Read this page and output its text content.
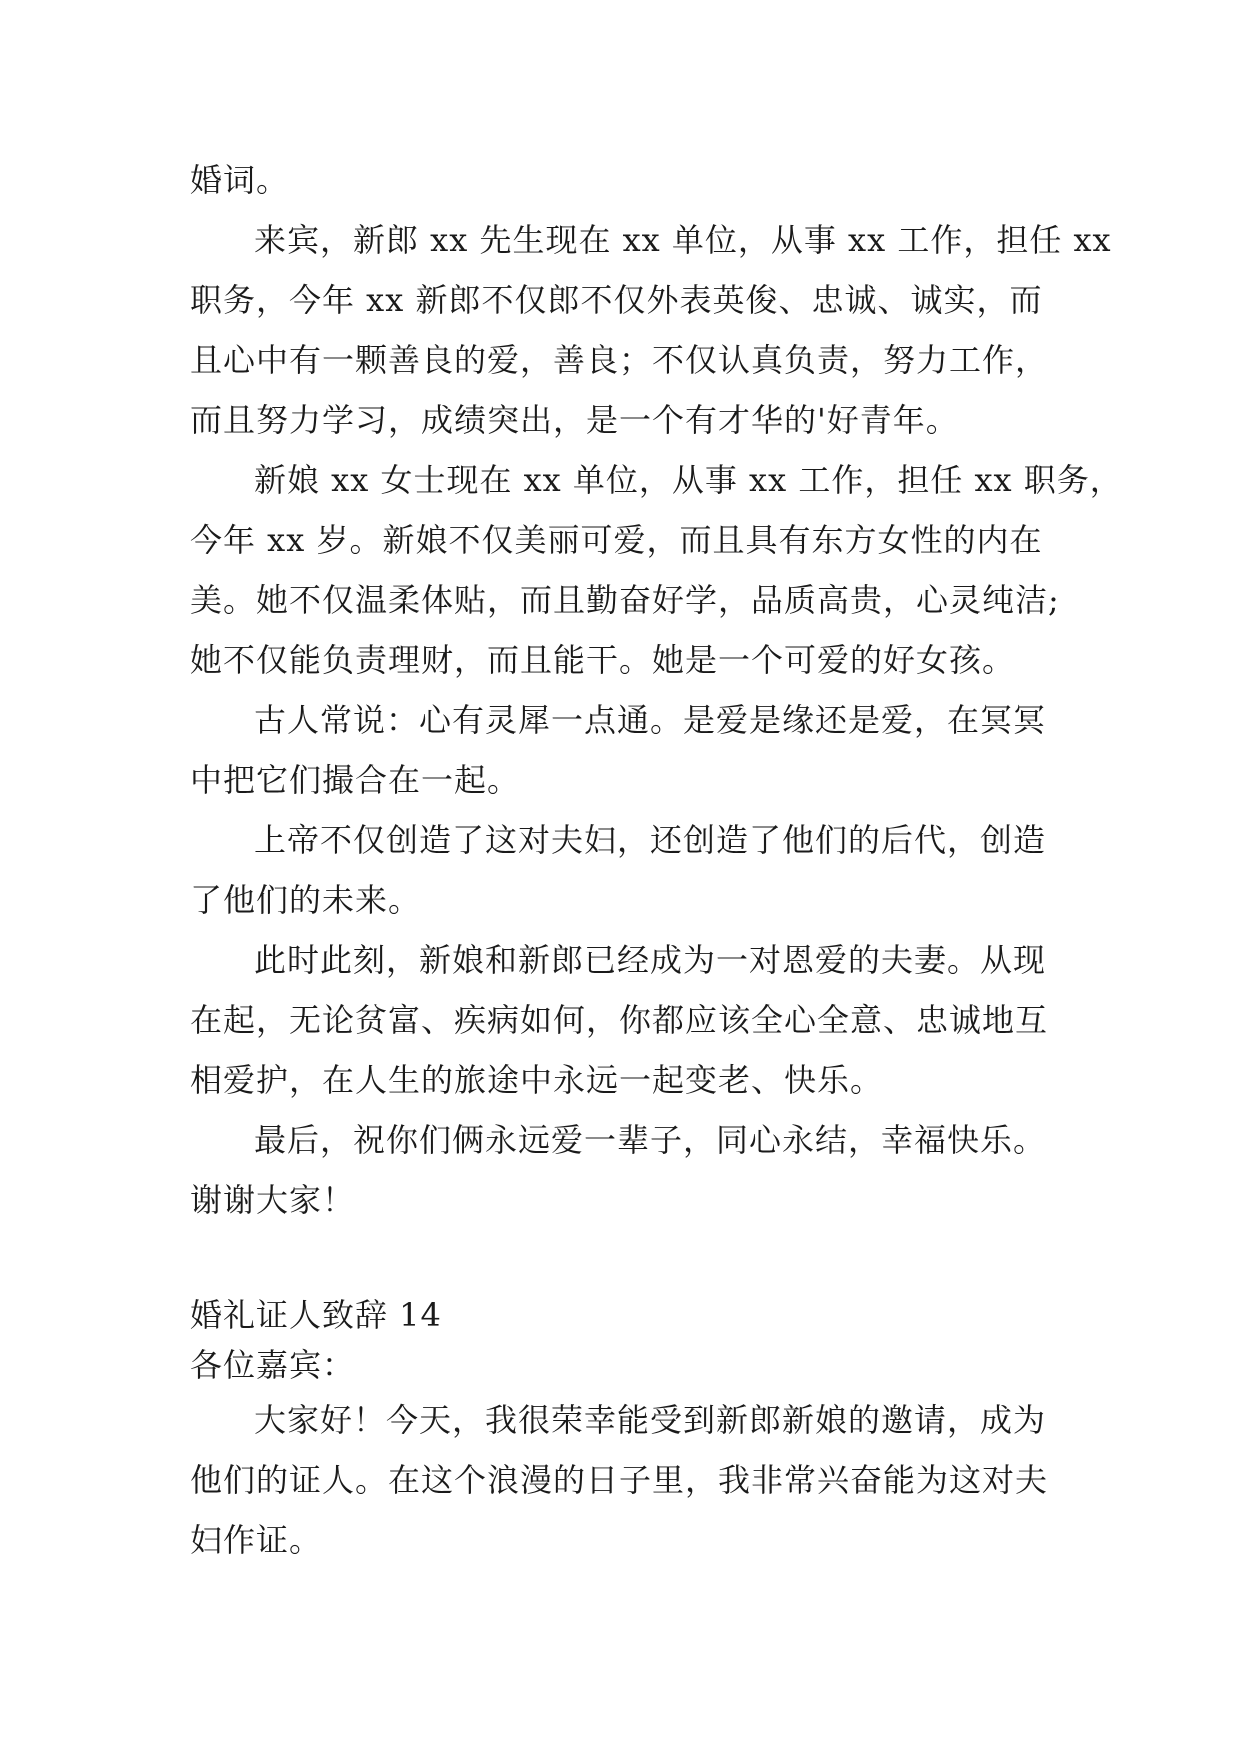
婚词。
来宾，新郎 xx 先生现在 xx 单位，从事 xx 工作，担任 xx
职务，今年 xx 新郎不仅郎不仅外表英俊、忠诚、诚实，而
且心中有一颗善良的爱，善良；不仅认真负责，努力工作，
而且努力学习，成绩突出，是一个有才华的'好青年。
新娘 xx 女士现在 xx 单位，从事 xx 工作，担任 xx 职务，
今年 xx 岁。新娘不仅美丽可爱，而且具有东方女性的内在
美。她不仅温柔体贴，而且勤奋好学，品质高贵，心灵纯洁;
她不仅能负责理财，而且能干。她是一个可爱的好女孩。
古人常说：心有灵犀一点通。是爱是缘还是爱，在冥冥
中把它们撮合在一起。
上帝不仅创造了这对夫妇，还创造了他们的后代，创造
了他们的未来。
此时此刻，新娘和新郎已经成为一对恩爱的夫妻。从现
在起，无论贫富、疾病如何，你都应该全心全意、忠诚地互
相爱护，在人生的旅途中永远一起变老、快乐。
最后，祝你们俩永远爱一辈子，同心永结，幸福快乐。
谢谢大家！
婚礼证人致辞 14
各位嘉宾：
大家好！今天，我很荣幸能受到新郎新娘的邀请，成为
他们的证人。在这个浪漫的日子里，我非常兴奋能为这对夫
妇作证。
